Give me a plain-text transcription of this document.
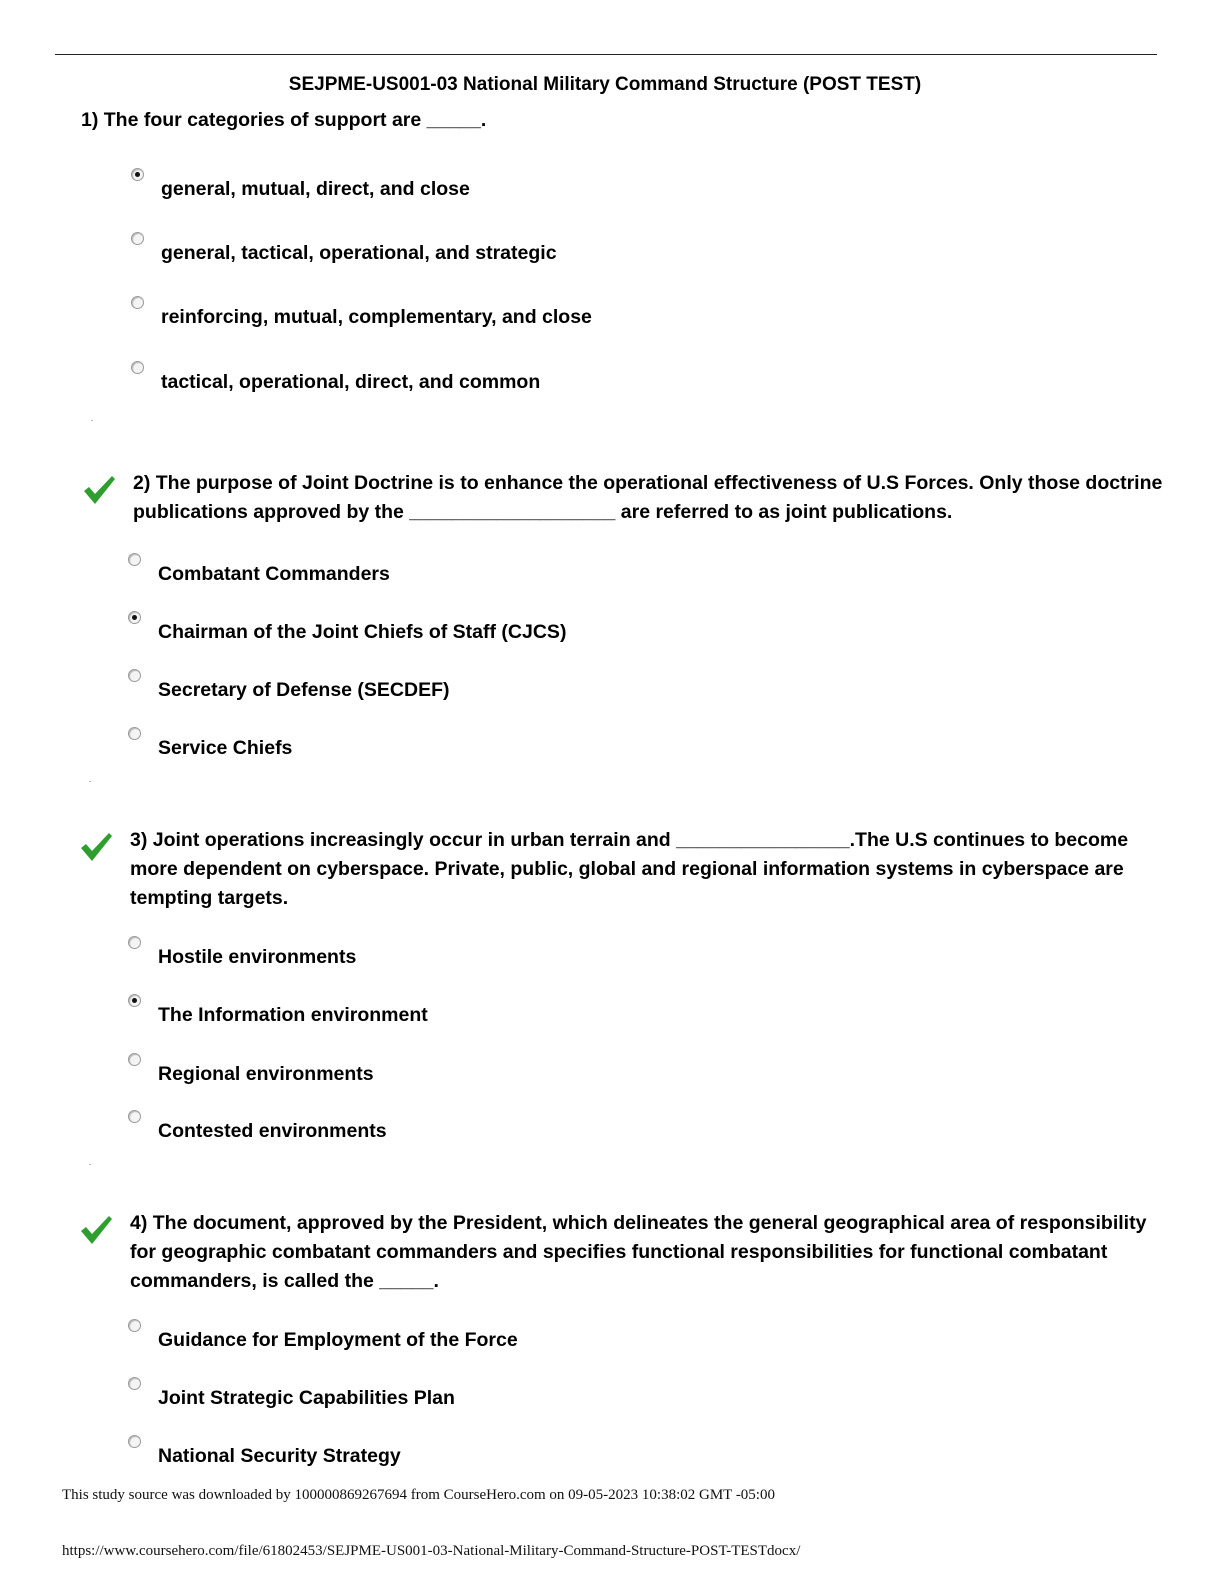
SEJPME-US001-03 National Military Command Structure (POST TEST)
1) The four categories of support are _____.
general, mutual, direct, and close
general, tactical, operational, and strategic
reinforcing, mutual, complementary, and close
tactical, operational, direct, and common
2) The purpose of Joint Doctrine is to enhance the operational effectiveness of U.S Forces. Only those doctrine
publications approved by the ___________________ are referred to as joint publications.
Combatant Commanders
Chairman of the Joint Chiefs of Staff (CJCS)
Secretary of Defense (SECDEF)
Service Chiefs
3) Joint operations increasingly occur in urban terrain and ________________.The U.S continues to become
more dependent on cyberspace. Private, public, global and regional information systems in cyberspace are
tempting targets.
Hostile environments
The Information environment
Regional environments
Contested environments
4) The document, approved by the President, which delineates the general geographical area of responsibility
for geographic combatant commanders and specifies functional responsibilities for functional combatant
commanders, is called the _____.
Guidance for Employment of the Force
Joint Strategic Capabilities Plan
National Security Strategy
This study source was downloaded by 100000869267694 from CourseHero.com on 09-05-2023 10:38:02 GMT -05:00
https://www.coursehero.com/file/61802453/SEJPME-US001-03-National-Military-Command-Structure-POST-TESTdocx/
